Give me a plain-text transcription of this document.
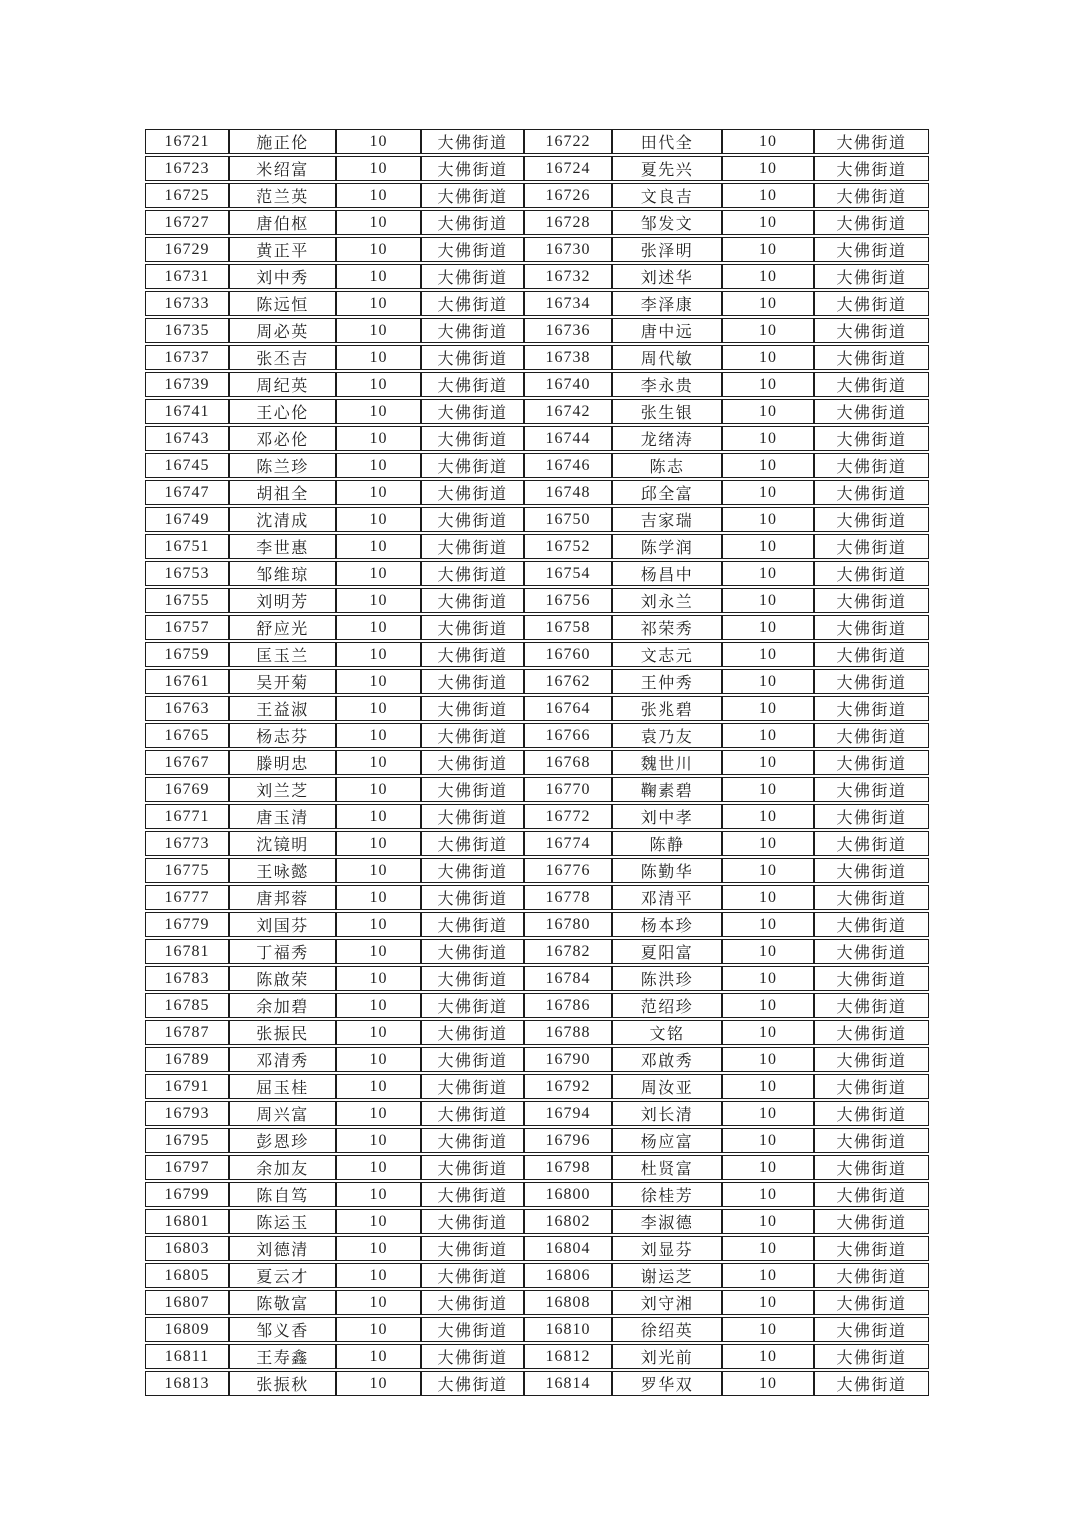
16721	施正伦	10	大佛街道	16722	田代全	10	大佛街道
16723	米绍富	10	大佛街道	16724	夏先兴	10	大佛街道
16725	范兰英	10	大佛街道	16726	文良吉	10	大佛街道
16727	唐伯枢	10	大佛街道	16728	邹发文	10	大佛街道
16729	黄正平	10	大佛街道	16730	张泽明	10	大佛街道
16731	刘中秀	10	大佛街道	16732	刘述华	10	大佛街道
16733	陈远恒	10	大佛街道	16734	李泽康	10	大佛街道
16735	周必英	10	大佛街道	16736	唐中远	10	大佛街道
16737	张丕吉	10	大佛街道	16738	周代敏	10	大佛街道
16739	周纪英	10	大佛街道	16740	李永贵	10	大佛街道
16741	王心伦	10	大佛街道	16742	张生银	10	大佛街道
16743	邓必伦	10	大佛街道	16744	龙绪涛	10	大佛街道
16745	陈兰珍	10	大佛街道	16746	陈志	10	大佛街道
16747	胡祖全	10	大佛街道	16748	邱全富	10	大佛街道
16749	沈清成	10	大佛街道	16750	吉家瑞	10	大佛街道
16751	李世惠	10	大佛街道	16752	陈学润	10	大佛街道
16753	邹维琼	10	大佛街道	16754	杨昌中	10	大佛街道
16755	刘明芳	10	大佛街道	16756	刘永兰	10	大佛街道
16757	舒应光	10	大佛街道	16758	祁荣秀	10	大佛街道
16759	匡玉兰	10	大佛街道	16760	文志元	10	大佛街道
16761	吴开菊	10	大佛街道	16762	王仲秀	10	大佛街道
16763	王益淑	10	大佛街道	16764	张兆碧	10	大佛街道
16765	杨志芬	10	大佛街道	16766	袁乃友	10	大佛街道
16767	滕明忠	10	大佛街道	16768	魏世川	10	大佛街道
16769	刘兰芝	10	大佛街道	16770	鞠素碧	10	大佛街道
16771	唐玉清	10	大佛街道	16772	刘中孝	10	大佛街道
16773	沈镜明	10	大佛街道	16774	陈静	10	大佛街道
16775	王咏懿	10	大佛街道	16776	陈勤华	10	大佛街道
16777	唐邦蓉	10	大佛街道	16778	邓清平	10	大佛街道
16779	刘国芬	10	大佛街道	16780	杨本珍	10	大佛街道
16781	丁福秀	10	大佛街道	16782	夏阳富	10	大佛街道
16783	陈啟荣	10	大佛街道	16784	陈洪珍	10	大佛街道
16785	余加碧	10	大佛街道	16786	范绍珍	10	大佛街道
16787	张振民	10	大佛街道	16788	文铭	10	大佛街道
16789	邓清秀	10	大佛街道	16790	邓啟秀	10	大佛街道
16791	屈玉桂	10	大佛街道	16792	周汝亚	10	大佛街道
16793	周兴富	10	大佛街道	16794	刘长清	10	大佛街道
16795	彭恩珍	10	大佛街道	16796	杨应富	10	大佛街道
16797	余加友	10	大佛街道	16798	杜贤富	10	大佛街道
16799	陈自笃	10	大佛街道	16800	徐桂芳	10	大佛街道
16801	陈运玉	10	大佛街道	16802	李淑德	10	大佛街道
16803	刘德清	10	大佛街道	16804	刘显芬	10	大佛街道
16805	夏云才	10	大佛街道	16806	谢运芝	10	大佛街道
16807	陈敬富	10	大佛街道	16808	刘守湘	10	大佛街道
16809	邹义香	10	大佛街道	16810	徐绍英	10	大佛街道
16811	王寿鑫	10	大佛街道	16812	刘光前	10	大佛街道
16813	张振秋	10	大佛街道	16814	罗华双	10	大佛街道
